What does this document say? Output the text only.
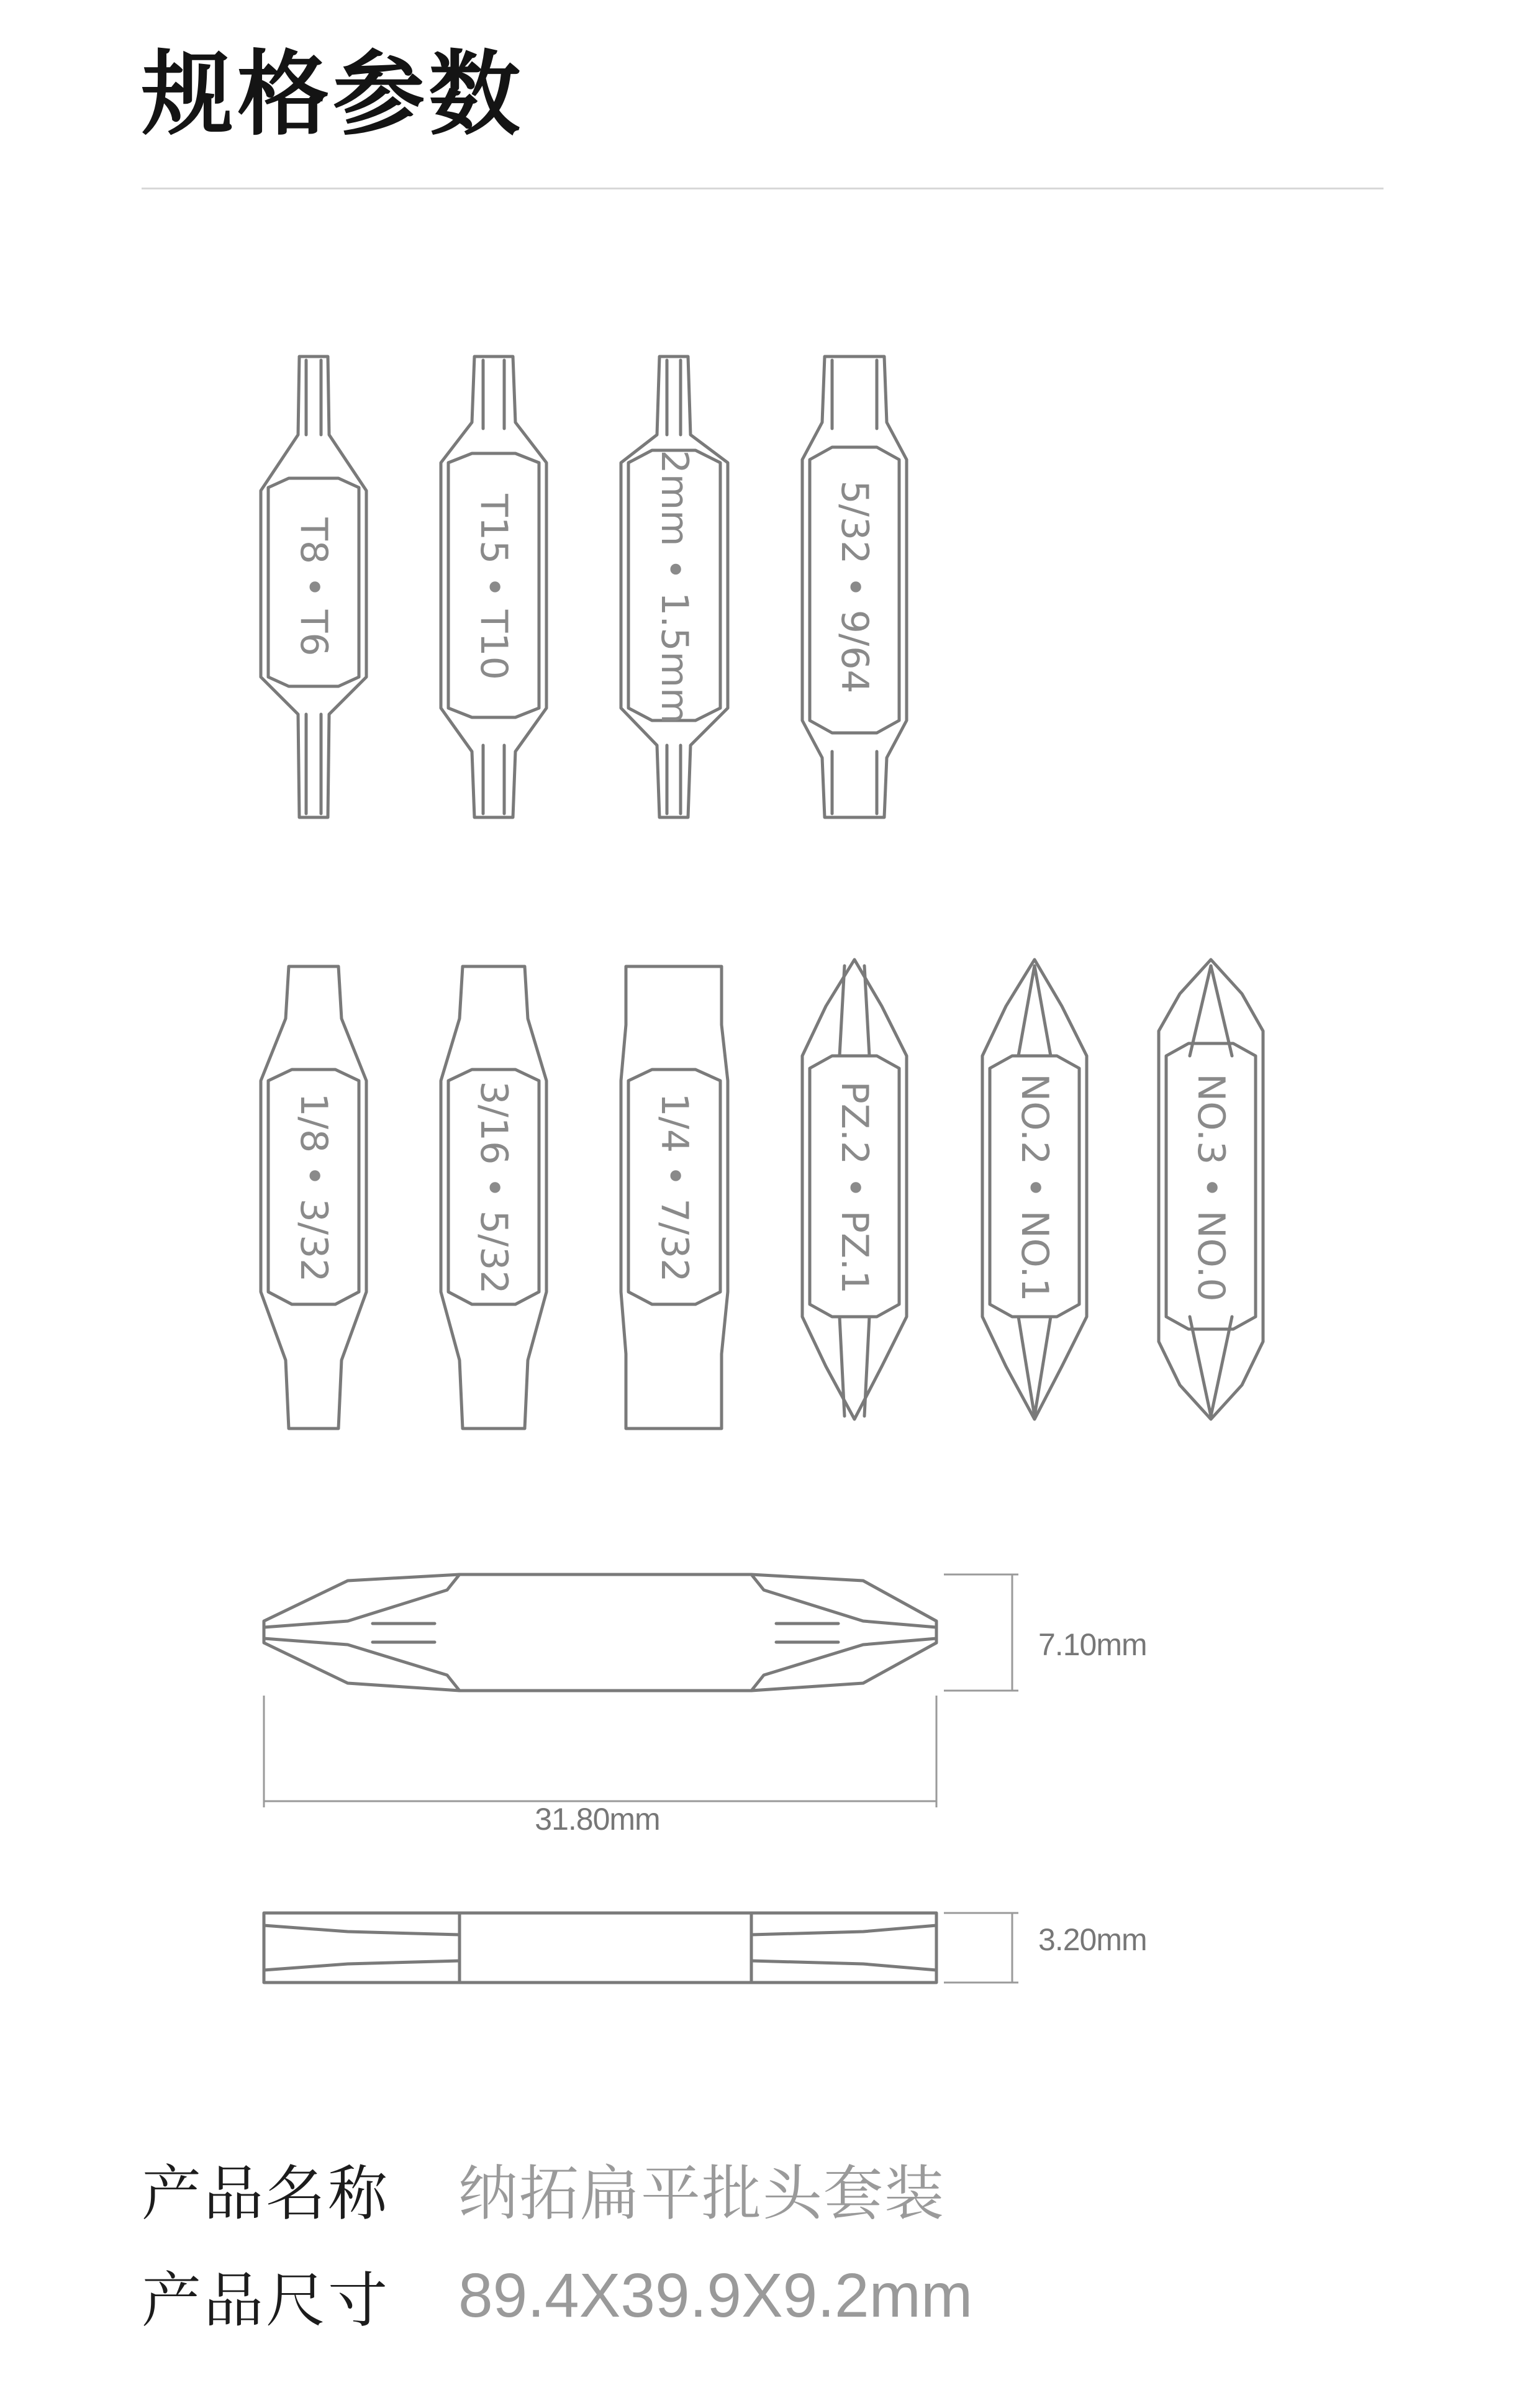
规格参数
T8 • T6	T15 • T10	2mm • 1.5mm	5/32 • 9/64
1/8 • 3/32	3/16 • 5/32	1/4 • 7/32	PZ.2 • PZ.1	NO.2 • NO.1	NO.3 • NO.0
7.10mm
31.80mm
3.20mm
产品名称	纳拓扁平批头套装
产品尺寸	89.4X39.9X9.2mm
